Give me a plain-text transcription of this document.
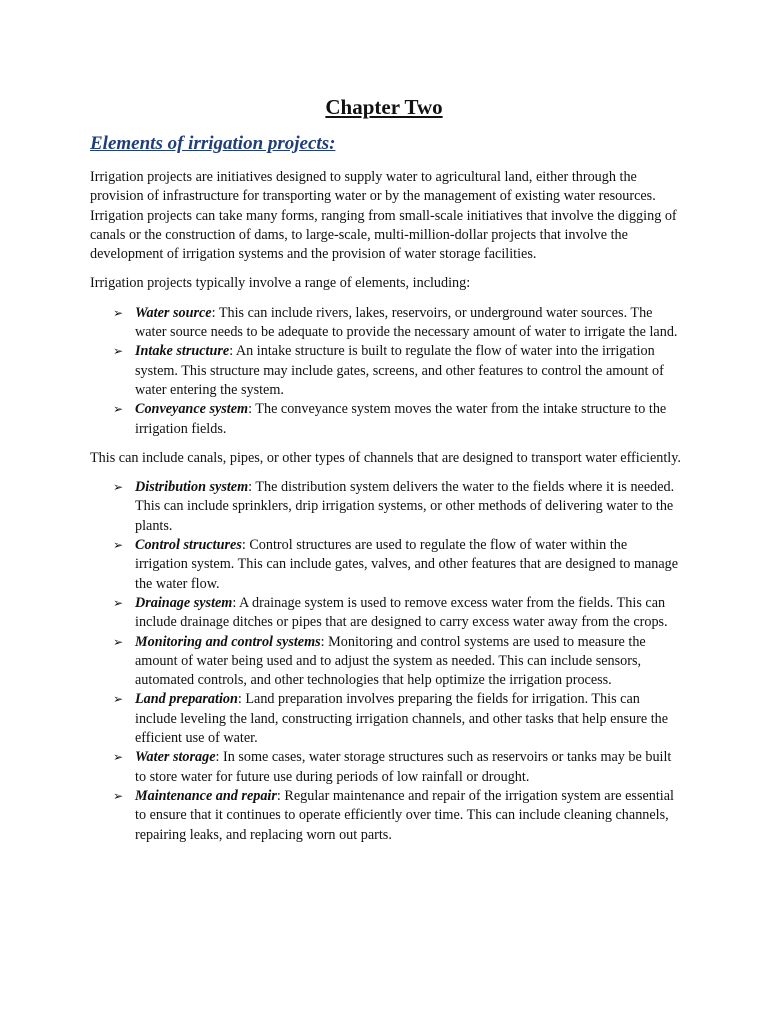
Chapter Two
Elements of irrigation projects:

Irrigation projects are initiatives designed to supply water to agricultural land, either through the provision of infrastructure for transporting water or by the management of existing water resources. Irrigation projects can take many forms, ranging from small-scale initiatives that involve the digging of canals or the construction of dams, to large-scale, multi-million-dollar projects that involve the development of irrigation systems and the provision of water storage facilities.

Irrigation projects typically involve a range of elements, including:

➢ Water source: This can include rivers, lakes, reservoirs, or underground water sources. The water source needs to be adequate to provide the necessary amount of water to irrigate the land.
➢ Intake structure: An intake structure is built to regulate the flow of water into the irrigation system. This structure may include gates, screens, and other features to control the amount of water entering the system.
➢ Conveyance system: The conveyance system moves the water from the intake structure to the irrigation fields.

This can include canals, pipes, or other types of channels that are designed to transport water efficiently.

➢ Distribution system: The distribution system delivers the water to the fields where it is needed. This can include sprinklers, drip irrigation systems, or other methods of delivering water to the plants.
➢ Control structures: Control structures are used to regulate the flow of water within the irrigation system. This can include gates, valves, and other features that are designed to manage the water flow.
➢ Drainage system: A drainage system is used to remove excess water from the fields. This can include drainage ditches or pipes that are designed to carry excess water away from the crops.
➢ Monitoring and control systems: Monitoring and control systems are used to measure the amount of water being used and to adjust the system as needed. This can include sensors, automated controls, and other technologies that help optimize the irrigation process.
➢ Land preparation: Land preparation involves preparing the fields for irrigation. This can include leveling the land, constructing irrigation channels, and other tasks that help ensure the efficient use of water.
➢ Water storage: In some cases, water storage structures such as reservoirs or tanks may be built to store water for future use during periods of low rainfall or drought.
➢ Maintenance and repair: Regular maintenance and repair of the irrigation system are essential to ensure that it continues to operate efficiently over time. This can include cleaning channels, repairing leaks, and replacing worn out parts.
